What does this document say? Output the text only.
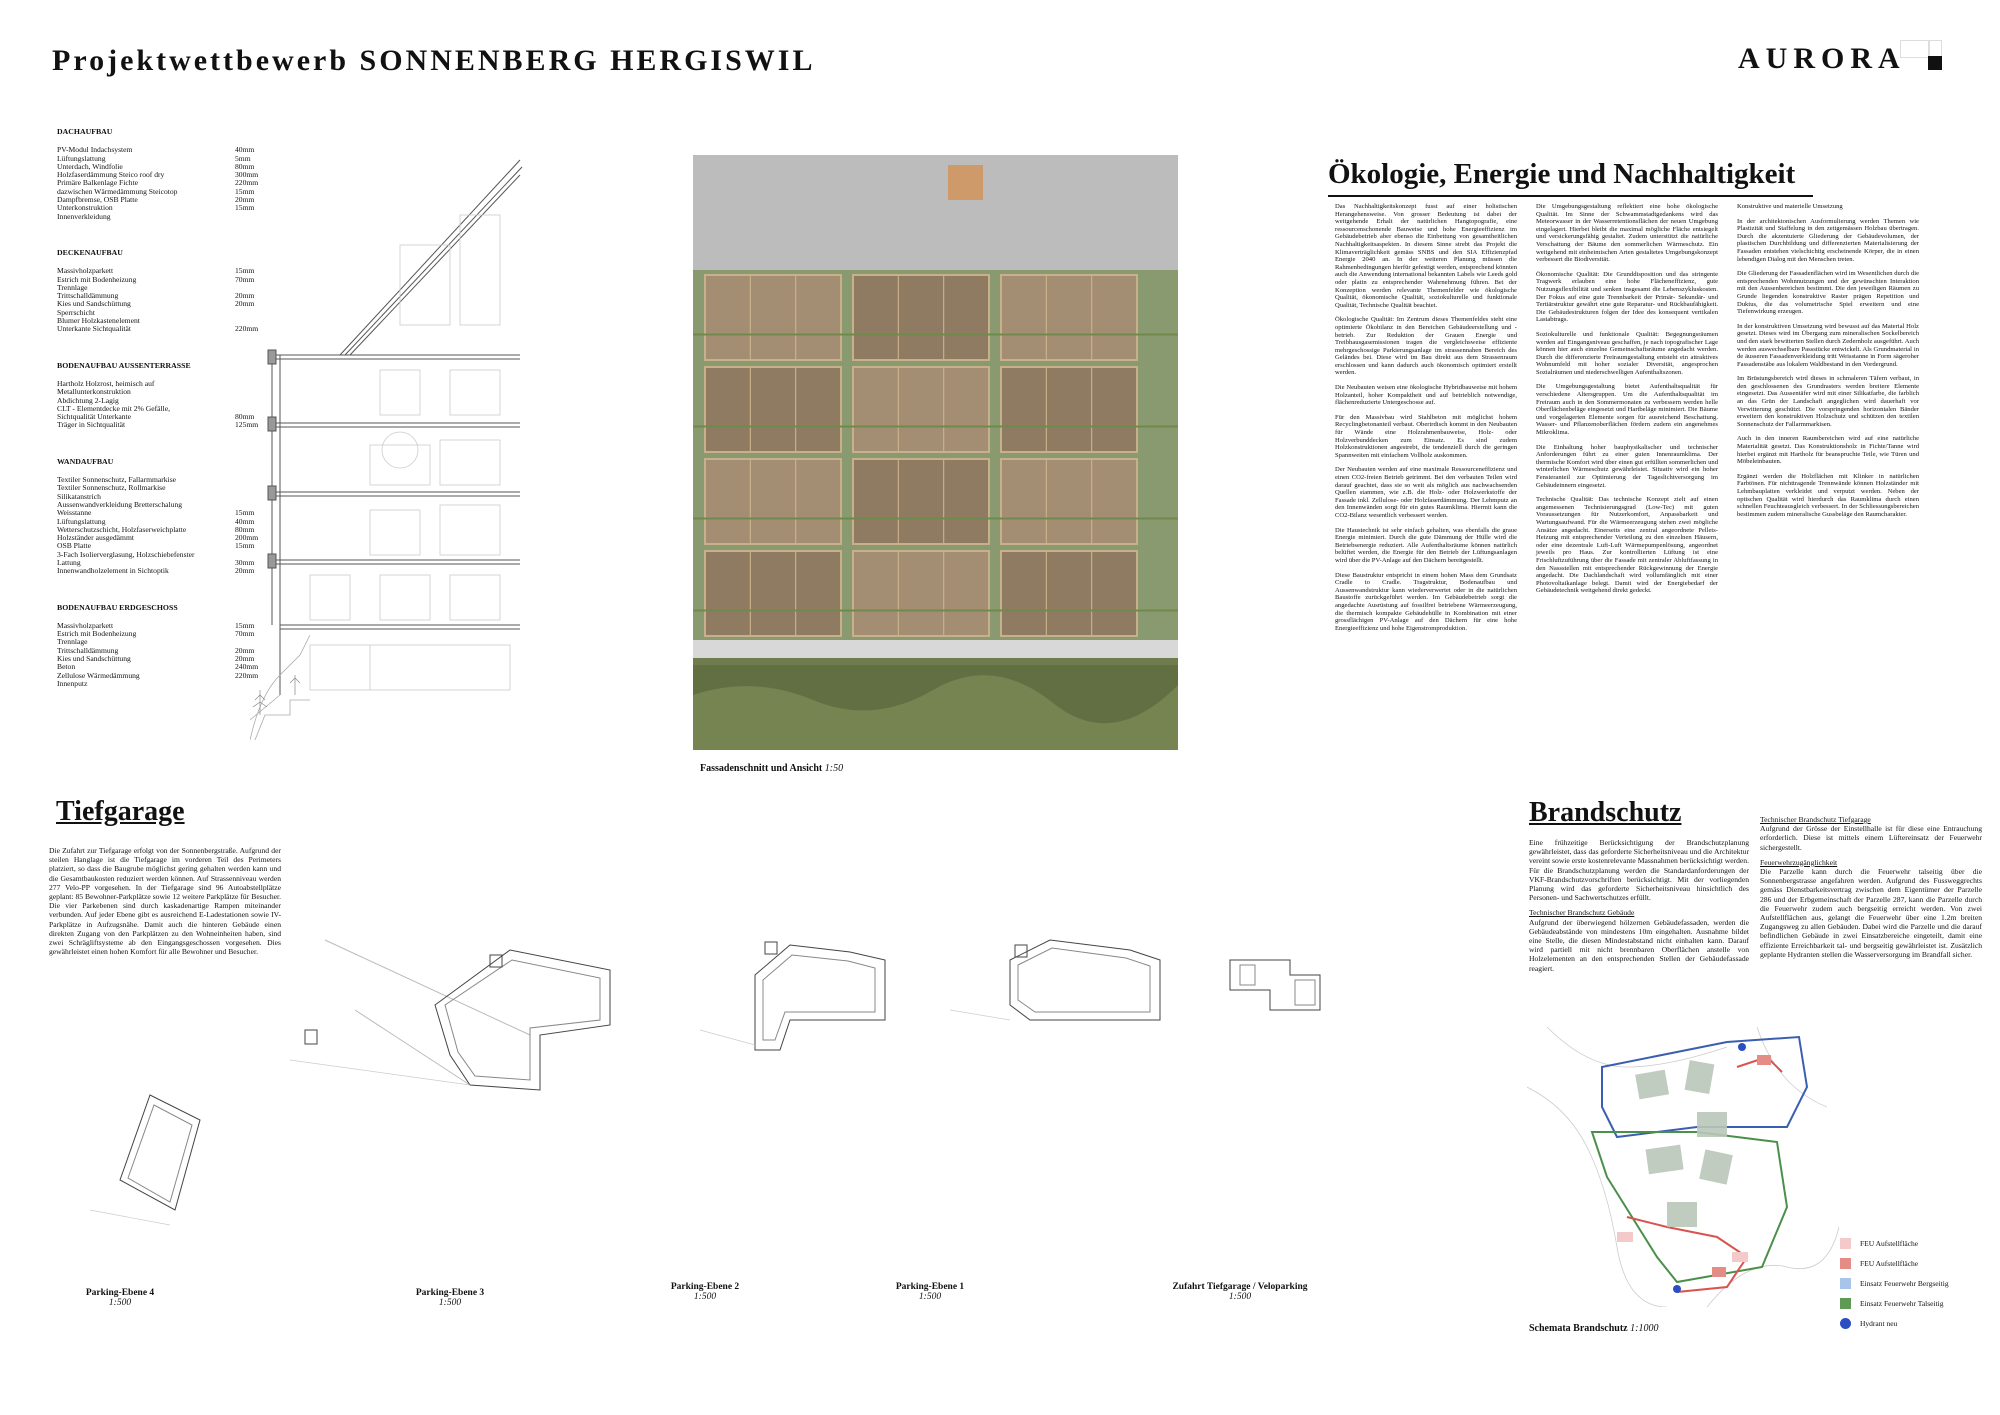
Projektwettbewerb SONNENBERG HERGISWIL	AURORA
DACHAUFBAU
PV-Modul Indachsystem	40mm
Lüftungslattung	5mm
Unterdach, Windfolie	80mm
Holzfaserdämmung Steico roof dry	300mm
Primäre Balkenlage Fichte	220mm
dazwischen Wärmedämmung Steicotop	15mm
Dampfbremse, OSB Platte	20mm
Unterkonstruktion	15mm
Innenverkleidung
DECKENAUFBAU
Massivholzparkett	15mm
Estrich mit Bodenheizung	70mm
Trennlage
Trittschalldämmung	20mm
Kies und Sandschüttung	20mm
Sperrschicht
Blumer Holzkastenelement
Unterkante Sichtqualität	220mm
BODENAUFBAU AUSSENTERRASSE
Hartholz Holzrost, heimisch auf
Metallunterkonstruktion
Abdichtung 2-Lagig
CLT - Elementdecke mit 2% Gefälle,
Sichtqualität Unterkante	80mm
Träger in Sichtqualität	125mm
WANDAUFBAU
Textiler Sonnenschutz, Fallarmmarkise
Textiler Sonnenschutz, Rollmarkise
Silikatanstrich
Aussenwandverkleidung Bretterschalung
Weisstanne	15mm
Lüftungslattung	40mm
Wetterschutzschicht, Holzfaserweichplatte	80mm
Holzständer ausgedämmt	200mm
OSB Platte	15mm
3-Fach Isolierverglasung, Holzschiebefenster
Lattung	30mm
Innenwandholzelement in Sichtoptik	20mm
BODENAUFBAU ERDGESCHOSS
Massivholzparkett	15mm
Estrich mit Bodenheizung	70mm
Trennlage
Trittschalldämmung	20mm
Kies und Sandschüttung	20mm
Beton	240mm
Zellulose Wärmedämmung	220mm
Innenputz
Fassadenschnitt und Ansicht 1:50
Ökologie, Energie und Nachhaltigkeit

Das Nachhaltigkeitskonzept fusst auf einer holistischen Herangehensweise. Von grosser Bedeutung ist dabei der weitgehende Erhalt der natürlichen Hangtopografie, eine ressourcenschonende Bauweise und hohe Energieeffizienz im Gebäudebetrieb aber ebenso die Einbettung von gesamtheitlichen Nachhaltigkeitsaspekten. In diesem Sinne strebt das Projekt die Klimaverträglichkeit gemäss SNBS und den SIA Effizienzpfad Energie 2040 an. In der weiteren Planung müssen die Rahmenbedingungen hierfür gefestigt werden, entsprechend könnten auch die Anwendung international bekannten Labels wie Leeds gold oder platin zu entsprechender Wahrnehmung führen. Bei der Konzeption werden relevante Themenfelder wie ökologische Qualität, ökonomische Qualität, soziokulturelle und funktionale Qualität, Technische Qualität beachtet.

Ökologische Qualität: Im Zentrum dieses Themenfeldes steht eine optimierte Ökobilanz in den Bereichen Gebäudeerstellung und -betrieb. Zur Reduktion der Grauen Energie und Treibhausgasemissionen tragen die vergleichsweise effiziente mehrgeschossige Parkierungsanlage im strassennahen Bereich des Geländes bei. Diese wird im Bau direkt aus dem Strassenraum erschlossen und kann dadurch auch ökonomisch optimiert erstellt werden.

Die Neubauten weisen eine ökologische Hybridbauweise mit hohem Holzanteil, hoher Kompaktheit und auf betrieblich notwendige, flächenreduzierte Untergeschosse auf.

Für den Massivbau wird Stahlbeton mit möglichst hohem Recyclingbetonanteil verbaut. Oberirdisch kommt in den Neubauten für Wände eine Holzrahmenbauweise, Holz- oder Holzverbunddecken zum Einsatz. Es sind zudem Holzkonstruktionen angestrebt, die tendenziell durch die geringen Spannweiten mit einfachem Vollholz auskommen.

Der Neubauten werden auf eine maximale Ressourceneffizienz und einen CO2-freien Betrieb getrimmt. Bei den verbauten Teilen wird darauf geachtet, dass sie so weit als möglich aus nachwachsenden Quellen stammen, wie z.B. die Holz- oder Holzwerkstoffe der Fassade inkl. Zellulose- oder Holzfaserdämmung. Der Lehmputz an den Innenwänden sorgt für ein gutes Raumklima. Hiermit kann die CO2-Bilanz wesentlich verbessert werden.

Die Haustechnik ist sehr einfach gehalten, was ebenfalls die graue Energie minimiert. Durch die gute Dämmung der Hülle wird die Betriebsenergie reduziert. Alle Aufenthaltsräume können natürlich belüftet werden, die Energie für den Betrieb der Lüftungsanlagen wird über die PV-Anlage auf den Dächern bereitgestellt.

Diese Baustruktur entspricht in einem hohen Mass dem Grundsatz Cradle to Cradle. Tragstruktur, Bodenaufbau und Aussenwandstruktur kann wiederverwertet oder in die natürlichen Baustoffe zurückgeführt werden. Im Gebäudebetrieb sorgt die angedachte Ausrüstung auf fossilfrei betriebene Wärmeerzeugung, die thermisch kompakte Gebäudehülle in Kombination mit einer grossflächigen PV-Anlage auf den Dächern für eine hohe Energieeffizienz und hohe Eigenstromproduktion.

Die Umgebungsgestaltung reflektiert eine hohe ökologische Qualität. Im Sinne der Schwammstadtgedankens wird das Meteorwasser in der Wasserretentionsflächen der neuen Umgebung eingelagert. Hierbei bleibt die maximal mögliche Fläche entsiegelt und versickerungsfähig gestaltet. Zudem unterstützt die natürliche Verschattung der Bäume den sommerlichen Wärmeschutz. Ein weitgehend mit einheimischen Arten gestaltetes Umgebungskonzept verbessert die Biodiversität.

Ökonomische Qualität: Die Grunddisposition und das stringente Tragwerk erlauben eine hohe Flächeneffizienz, gute Nutzungsflexibilität und senken insgesamt die Lebenszykluskosten. Der Fokus auf eine gute Trennbarkeit der Primär- Sekundär- und Tertiärstruktur gewährt eine gute Reparatur- und Rückbaufähigkeit. Die Gebäudestrukturen folgen der Idee des konsequent vertikalen Lastabtrags.

Soziokulturelle und funktionale Qualität: Begegnungsräumen werden auf Eingangsniveau geschaffen, je nach topografischer Lage können hier auch einzelne Gemeinschaftsräume angedacht werden. Durch die differenzierte Freiraumgestaltung entsteht ein attraktives Wohnumfeld mit hoher sozialer Diversität, angesprochen Sozialräumen und niederschwelligen Aufenthaltszonen.

Die Umgebungsgestaltung bietet Aufenthaltsqualität für verschiedene Altersgruppen. Um die Aufenthaltsqualität im Freiraum auch in den Sommermonaten zu verbessern werden helle Oberflächenbeläge eingesetzt und Hartbeläge minimiert. Die Bäume und vorgelagerten Elemente sorgen für ausreichend Beschattung. Wasser- und Pflanzenoberflächen fördern zudem ein angenehmes Mikroklima.

Die Einhaltung hoher bauphysikalischer und technischer Anforderungen führt zu einer guten Innenraumklima. Der thermische Komfort wird über einen gut erfüllten sommerlichen und winterlichen Wärmeschutz gewährleistet. Situativ wird ein hoher Fensteranteil zur Optimierung der Tageslichtversorgung im Gebäudeinnern eingesetzt.

Technische Qualität: Das technische Konzept zielt auf einen angemessenen Technisierungsgrad (Low-Tec) mit guten Voraussetzungen für Nutzerkomfort, Anpassbarkeit und Wartungsaufwand. Für die Wärmeerzeugung stehen zwei mögliche Ansätze angedacht. Einerseits eine zentral angeordnete Pellets-Heizung mit entsprechender Verteilung zu den einzelnen Häusern, oder eine dezentrale Luft-Luft Wärmepumpenlösung, angeordnet jeweils pro Haus. Zur kontrollierten Lüftung ist eine Frischluftzuführung über die Fassade mit zentraler Abluftfassung in den Nassstellen mit entsprechender Rückgewinnung der Energie angedacht. Die Dachlandschaft wird vollumfänglich mit einer Photovoltaikanlage belegt. Damit wird der Energiebedarf der Gebäudetechnik weitgehend direkt gedeckt.

Konstruktive und materielle Umsetzung

In der architektonischen Ausformulierung werden Themen wie Plastizität und Staffelung in den zeitgemässen Holzbau übertragen. Durch die akzentuierte Gliederung der Gebäudevolumen, der plastischen Durchbildung und differenzierten Materialisierung der Fassaden entstehen vielschichtig erscheinende Körper, die in einen lebendigen Dialog mit den Menschen treten.

Die Gliederung der Fassadenflächen wird im Wesentlichen durch die entsprechenden Wohnnutzungen und der gewünschten Interaktion mit den Aussenbereichen bestimmt. Die den jeweiligen Räumen zu Grunde liegenden konstruktive Raster prägen Repetition und Duktus, die das volumetrische Spiel erweitern und eine Tiefenwirkung erzeugen.

In der konstruktiven Umsetzung wird bewusst auf das Material Holz gesetzt. Dieses wird im Übergang zum mineralischen Sockelbereich und den stark bewitterten Stellen durch Zedernholz ausgeführt. Auch werden auswechselbare Passstücke entwickelt. Als Grundmaterial in de äusseren Fassadenverkleidung tritt Weisstanne in Form sägeroher Fassadenstäbe aus lokalem Waldbestand in den Vordergrund.

Im Brüstungsbereich wird dieses in schmaleren Täfern verbaut, in den geschlossenen des Grundrasters werden breitere Elemente eingesetzt. Das Aussentäfer wird mit einer Silikatfarbe, die farblich an das Grün der Landschaft angeglichen wird dauerhaft vor Verwitterung geschützt. Die vorspringenden horizontalen Bänder erweitern den konstruktiven Holzschutz und schützen den textilen Sonnenschutz der Fallarmmarkisen.

Auch in den inneren Raumbereichen wird auf eine natürliche Materialität gesetzt. Das Konstruktionsholz in Fichte/Tanne wird hierbei ergänzt mit Hartholz für beanspruchte Teile, wie Türen und Möbeleinbauten.

Ergänzt werden die Holzflächen mit Klinker in natürlichen Farbtönen. Für nichttragende Trennwände können Holzständer mit Lehmbauplatten verkleidet und verputzt werden. Neben der optischen Qualität wird hierdurch das Raumklima durch einen schnellen Feuchteausgleich verbessert. In der Schliessungsbereichen bestimmen zudem mineralische Gussbeläge den Raumcharakter.

Tiefgarage
Die Zufahrt zur Tiefgarage erfolgt von der Sonnenbergstraße. Aufgrund der steilen Hanglage ist die Tiefgarage im vorderen Teil des Perimeters platziert, so dass die Baugrube möglichst gering gehalten werden kann und die Gesamtbaukosten reduziert werden können. Auf Strassenniveau werden 277 Velo-PP vorgesehen. In der Tiefgarage sind 96 Autoabstellplätze geplant: 85 Bewohner-Parkplätze sowie 12 weitere Parkplätze für Besucher. Die vier Parkebenen sind durch kaskadenartige Rampen miteinander verbunden. Auf jeder Ebene gibt es ausreichend E-Ladestationen sowie IV-Parkplätze in Aufzugsnähe. Damit auch die hinteren Gebäude einen direkten Zugang von den Parkplätzen zu den Wohneinheiten haben, sind zwei Schrägliftsysteme ab den Eingangsgeschossen vorgesehen. Dies gewährleistet einen hohen Komfort für alle Bewohner und Besucher.
Parking-Ebene 4
1:500
Parking-Ebene 3
1:500
Parking-Ebene 2
1:500
Parking-Ebene 1
1:500
Zufahrt Tiefgarage / Veloparking
1:500
Brandschutz

Eine frühzeitige Berücksichtigung der Brandschutzplanung gewährleistet, dass das geforderte Sicherheitsniveau und die Architektur vereint sowie erste kostenrelevante Massnahmen berücksichtigt werden. Für die Brandschutzplanung werden die Standardanforderungen der VKF-Brandschutzvorschriften berücksichtigt. Mit der vorliegenden Planung wird das geforderte Sicherheitsniveau hinsichtlich des Personen- und Sachwertschutzes erfüllt.

Technischer Brandschutz Gebäude

Aufgrund der überwiegend hölzernen Gebäudefassaden, werden die Gebäudeabstände von mindestens 10m eingehalten. Ausnahme bildet eine Stelle, die diesen Mindestabstand nicht einhalten kann. Darauf wird partiell mit nicht brennbaren Oberflächen anstelle von Holzelementen an den entsprechenden Stellen der Gebäudefassade reagiert.

Technischer Brandschutz Tiefgarage

Aufgrund der Grösse der Einstellhalle ist für diese eine Entrauchung erforderlich. Diese ist mittels einem Lüftereinsatz der Feuerwehr sichergestellt.

Feuerwehrzugänglichkeit

Die Parzelle kann durch die Feuerwehr talseitig über die Sonnenbergstrasse angefahren werden. Aufgrund des Fussweggrechts gemäss Dienstbarkeitsvertrag zwischen dem Eigentümer der Parzelle 286 und der Erbgemeinschaft der Parzelle 287, kann die Parzelle durch die Feuerwehr zudem auch bergseitig erreicht werden. Von zwei Aufstellflächen aus, gelangt die Feuerwehr über eine 1.2m breiten Zugangsweg zu allen Gebäuden. Dabei wird die Parzelle und die darauf befindlichen Gebäude in zwei Einsatzbereiche eingeteilt, damit eine effiziente Erreichbarkeit tal- und bergseitig gewährleistet ist. Zusätzlich geplante Hydranten stellen die Wasserversorgung im Brandfall sicher.

Schemata Brandschutz 1:1000
FEU Aufstellfläche
FEU Aufstellfläche
Einsatz Feuerwehr Bergseitig
Einsatz Feuerwehr Talseitig
Hydrant neu
